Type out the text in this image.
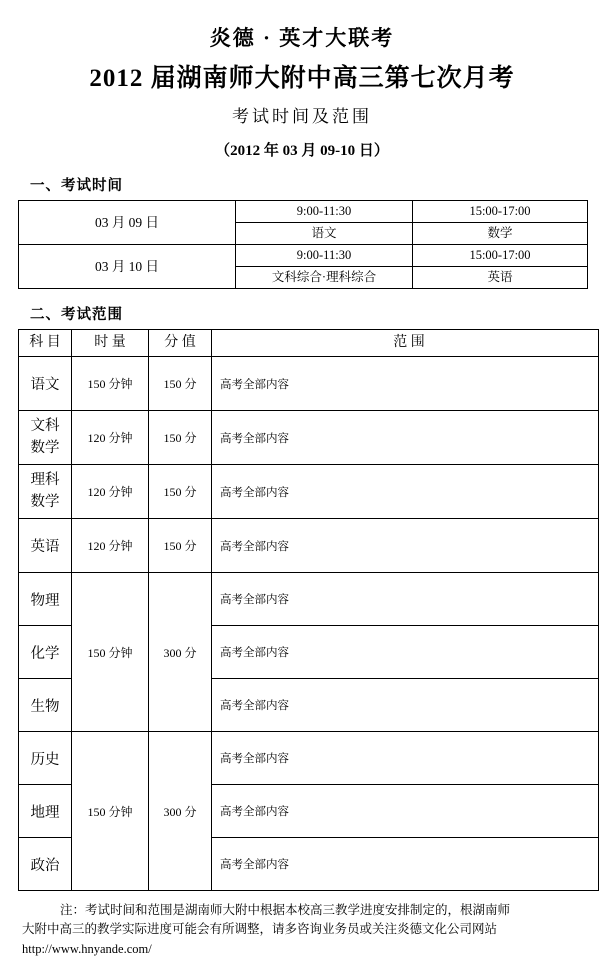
炎德 · 英才大联考
2012 届湖南师大附中高三第七次月考
考试时间及范围
（2012 年 03 月 09-10 日）
一、考试时间
03 月 09 日	9:00-11:30	15:00-17:00
	语文	数学
03 月 10 日	9:00-11:30	15:00-17:00
	文科综合·理科综合	英语
二、考试范围
科 目	时 量	分 值	范 围
语文	150 分钟	150 分	高考全部内容
文科
数学	120 分钟	150 分	高考全部内容
理科
数学	120 分钟	150 分	高考全部内容
英语	120 分钟	150 分	高考全部内容
物理	150 分钟	300 分	高考全部内容
化学			高考全部内容
生物			高考全部内容
历史	150 分钟	300 分	高考全部内容
地理			高考全部内容
政治			高考全部内容
注：考试时间和范围是湖南师大附中根据本校高三教学进度安排制定的，根湖南师
大附中高三的教学实际进度可能会有所调整，请多咨询业务员或关注炎德文化公司网站
http://www.hnyande.com/
